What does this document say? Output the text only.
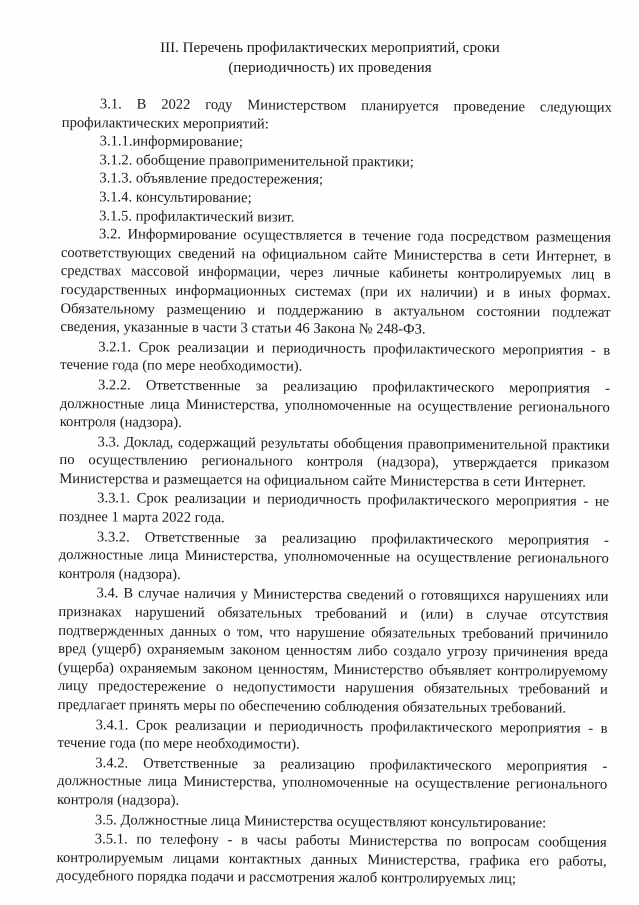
III. Перечень профилактических мероприятий, сроки
(периодичность) их проведения

3.1. В 2022 году Министерством планируется проведение следующих профилактических мероприятий:

3.1.1.информирование;

3.1.2. обобщение правоприменительной практики;

3.1.3. объявление предостережения;

3.1.4. консультирование;

3.1.5. профилактический визит.

3.2. Информирование осуществляется в течение года посредством размещения соответствующих сведений на официальном сайте Министерства в сети Интернет, в средствах массовой информации, через личные кабинеты контролируемых лиц в государственных информационных системах (при их наличии) и в иных формах. Обязательному размещению и поддержанию в актуальном состоянии подлежат сведения, указанные в части 3 статьи 46 Закона № 248-ФЗ.

3.2.1. Срок реализации и периодичность профилактического мероприятия - в течение года (по мере необходимости).

3.2.2. Ответственные за реализацию профилактического мероприятия - должностные лица Министерства, уполномоченные на осуществление регионального контроля (надзора).

3.3. Доклад, содержащий результаты обобщения правоприменительной практики по осуществлению регионального контроля (надзора), утверждается приказом Министерства и размещается на официальном сайте Министерства в сети Интернет.

3.3.1. Срок реализации и периодичность профилактического мероприятия - не позднее 1 марта 2022 года.

3.3.2. Ответственные за реализацию профилактического мероприятия - должностные лица Министерства, уполномоченные на осуществление регионального контроля (надзора).

3.4. В случае наличия у Министерства сведений о готовящихся нарушениях или признаках нарушений обязательных требований и (или) в случае отсутствия подтвержденных данных о том, что нарушение обязательных требований причинило вред (ущерб) охраняемым законом ценностям либо создало угрозу причинения вреда (ущерба) охраняемым законом ценностям, Министерство объявляет контролируемому лицу предостережение о недопустимости нарушения обязательных требований и предлагает принять меры по обеспечению соблюдения обязательных требований.

3.4.1. Срок реализации и периодичность профилактического мероприятия - в течение года (по мере необходимости).

3.4.2. Ответственные за реализацию профилактического мероприятия - должностные лица Министерства, уполномоченные на осуществление регионального контроля (надзора).

3.5. Должностные лица Министерства осуществляют консультирование:

3.5.1. по телефону - в часы работы Министерства по вопросам сообщения контролируемым лицами контактных данных Министерства, графика его работы, досудебного порядка подачи и рассмотрения жалоб контролируемых лиц;
